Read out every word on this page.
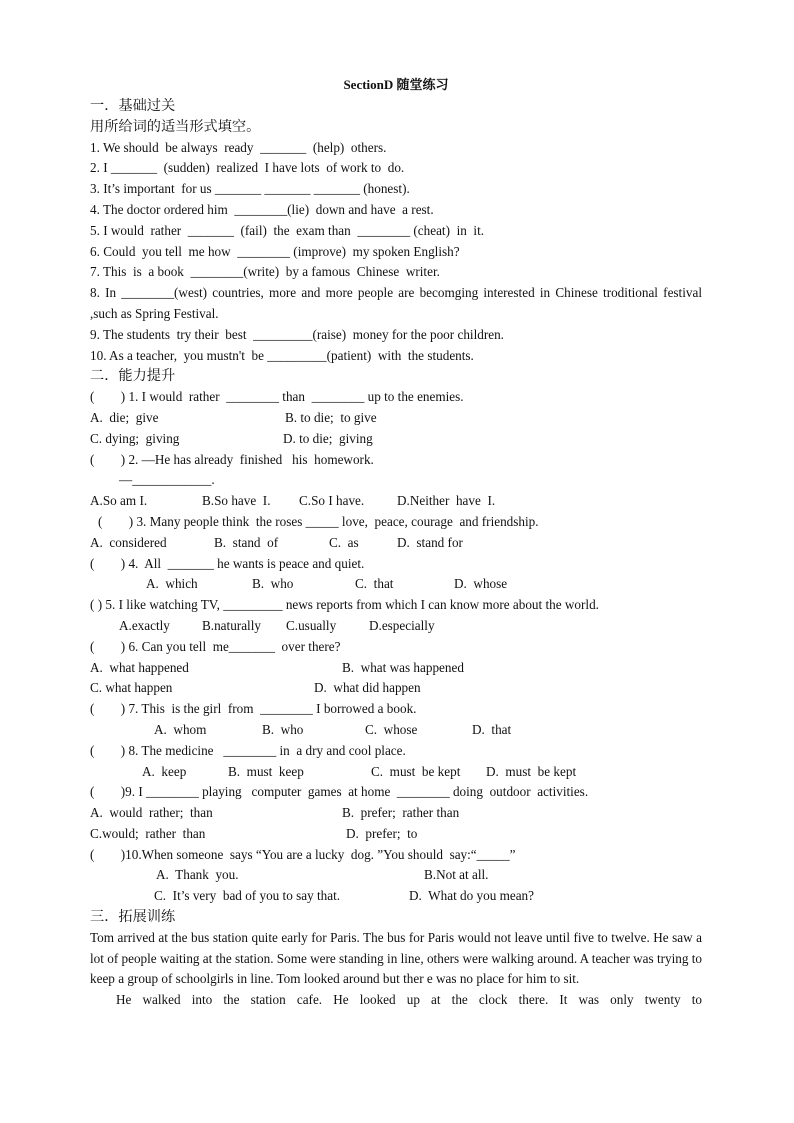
SectionD 随堂练习
一．基础过关
用所给词的适当形式填空。
1. We should  be always  ready  _______  (help)  others.
2. I _______  (sudden)  realized  I have lots  of work to  do.
3. It’s important  for us _______ _______ _______ (honest).
4. The doctor ordered him  ________(lie)  down and have  a rest.
5. I would  rather  _______  (fail)  the  exam than  ________ (cheat)  in  it.
6. Could  you tell  me how  ________ (improve)  my spoken English?
7. This  is  a book  ________(write)  by a famous  Chinese  writer.
8. In ________(west) countries, more and more people are becomging interested in Chinese troditional festival ,such as Spring Festival.
9. The students  try their  best  _________(raise)  money for the poor children.
10. As a teacher,  you mustn't  be _________(patient)  with  the students.
二．能力提升
(        ) 1. I would  rather  ________ than  ________ up to the enemies.
A.  die;  give	B. to die;  to give
C. dying;  giving	D. to die;  giving
(        ) 2. —He has already  finished   his  homework.
—____________.
A.So am I.	B.So have  I.	C.So I have.	D.Neither  have  I.
(        ) 3. Many people think  the roses _____ love,  peace, courage  and friendship.
A.  considered	B.  stand  of	C.  as	D.  stand for
(        ) 4.  All  _______ he wants is peace and quiet.
A.  which	B.  who	C.  that	D.  whose
( ) 5. I like watching TV, _________ news reports from which I can know more about the world.
A.exactly	B.naturally	C.usually	D.especially
(        ) 6. Can you tell  me_______  over there?
A.  what happened	B.  what was happened
C. what happen	D.  what did happen
(        ) 7. This  is the girl  from  ________ I borrowed a book.
A.  whom	B.  who	C.  whose	D.  that
(        ) 8. The medicine   ________ in  a dry and cool place.
A.  keep	B.  must  keep	C.  must  be kept	D.  must  be kept
(        )9. I ________ playing   computer  games  at home  ________ doing  outdoor  activities.
A.  would  rather;  than	B.  prefer;  rather than
C.would;  rather  than	D.  prefer;  to
(        )10.When someone  says “You are a lucky  dog. ”You should  say:“_____”
A.  Thank  you.	B.Not at all.
C.  It’s very  bad of you to say that.	D.  What do you mean?
三．拓展训练
Tom arrived at the bus station quite early for Paris. The bus for Paris would not leave until five to twelve. He saw a lot of people waiting at the station. Some were standing in line, others were walking around. A teacher was trying to keep a group of schoolgirls in line. Tom looked around but ther e was no place for him to sit.
He walked into the station cafe. He looked up at the clock there. It was only twenty to
